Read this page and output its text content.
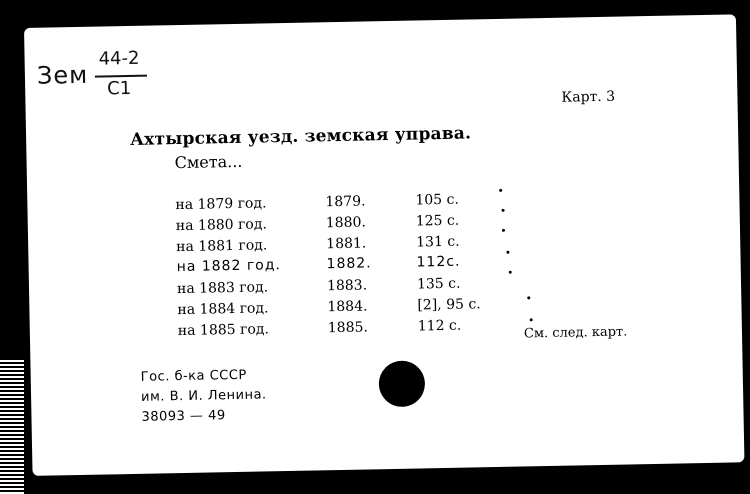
Зем
44-2
С1	Карт. 3
Ахтырская уезд. земская управа.
Смета...
на 1879 год.	1879.	105 с.
на 1880 год.	1880.	125 с.
на 1881 год.	1881.	131 с.
на 1882 год.	1882.	112с.
на 1883 год.	1883.	135 с.
на 1884 год.	1884.	[2], 95 с.
на 1885 год.	1885.	112 с.	См. след. карт.
Гос. б-ка СССР
им. В. И. Ленина.
38093 — 49
